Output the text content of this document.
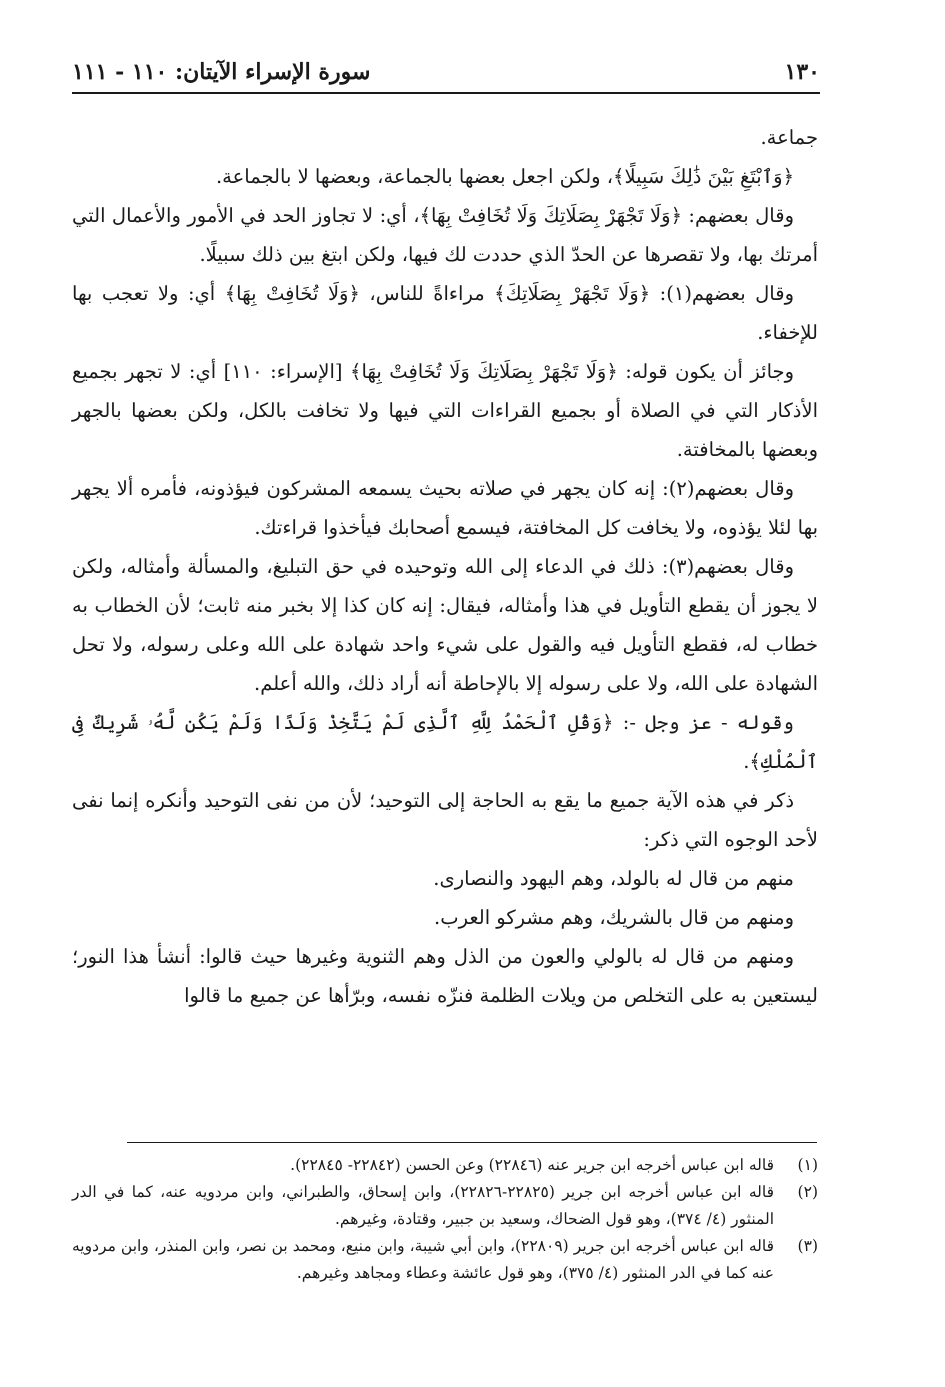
١٣٠
سورة الإسراء الآيتان: ١١٠ - ١١١

جماعة.

﴿وَٱبْتَغِ بَيْنَ ذَٰلِكَ سَبِيلًا﴾، ولكن اجعل بعضها بالجماعة، وبعضها لا بالجماعة.

وقال بعضهم: ﴿وَلَا تَجْهَرْ بِصَلَاتِكَ وَلَا تُخَافِتْ بِهَا﴾، أي: لا تجاوز الحد في الأمور والأعمال التي أمرتك بها، ولا تقصرها عن الحدّ الذي حددت لك فيها، ولكن ابتغ بين ذلك سبيلًا.

وقال بعضهم(١): ﴿وَلَا تَجْهَرْ بِصَلَاتِكَ﴾ مراءاةً للناس، ﴿وَلَا تُخَافِتْ بِهَا﴾ أي: ولا تعجب بها للإخفاء.

وجائز أن يكون قوله: ﴿وَلَا تَجْهَرْ بِصَلَاتِكَ وَلَا تُخَافِتْ بِهَا﴾ [الإسراء: ١١٠] أي: لا تجهر بجميع الأذكار التي في الصلاة أو بجميع القراءات التي فيها ولا تخافت بالكل، ولكن بعضها بالجهر وبعضها بالمخافتة.

وقال بعضهم(٢): إنه كان يجهر في صلاته بحيث يسمعه المشركون فيؤذونه، فأمره ألا يجهر بها لئلا يؤذوه، ولا يخافت كل المخافتة، فيسمع أصحابك فيأخذوا قراءتك.

وقال بعضهم(٣): ذلك في الدعاء إلى الله وتوحيده في حق التبليغ، والمسألة وأمثاله، ولكن لا يجوز أن يقطع التأويل في هذا وأمثاله، فيقال: إنه كان كذا إلا بخبر منه ثابت؛ لأن الخطاب به خطاب له، فقطع التأويل فيه والقول على شيء واحد شهادة على الله وعلى رسوله، ولا تحل الشهادة على الله، ولا على رسوله إلا بالإحاطة أنه أراد ذلك، والله أعلم.

وقوله - عز وجل -: ﴿وَقُلِ ٱلْحَمْدُ لِلَّهِ ٱلَّذِى لَمْ يَتَّخِذْ وَلَدًا وَلَمْ يَكُن لَّهُۥ شَرِيكٌ فِى ٱلْمُلْكِ﴾.

ذكر في هذه الآية جميع ما يقع به الحاجة إلى التوحيد؛ لأن من نفى التوحيد وأنكره إنما نفى لأحد الوجوه التي ذكر:

منهم من قال له بالولد، وهم اليهود والنصارى.

ومنهم من قال بالشريك، وهم مشركو العرب.

ومنهم من قال له بالولي والعون من الذل وهم الثنوية وغيرها حيث قالوا: أنشأ هذا النور؛ ليستعين به على التخلص من ويلات الظلمة فنزّه نفسه، وبرّأها عن جميع ما قالوا

(١)
قاله ابن عباس أخرجه ابن جرير عنه (٢٢٨٤٦) وعن الحسن (٢٢٨٤٢- ٢٢٨٤٥).
(٢)
قاله ابن عباس أخرجه ابن جرير (٢٢٨٢٥-٢٢٨٢٦)، وابن إسحاق، والطبراني، وابن مردويه عنه، كما في الدر المنثور (٤/ ٣٧٤)، وهو قول الضحاك، وسعيد بن جبير، وقتادة، وغيرهم.
(٣)
قاله ابن عباس أخرجه ابن جرير (٢٢٨٠٩)، وابن أبي شيبة، وابن منيع، ومحمد بن نصر، وابن المنذر، وابن مردويه عنه كما في الدر المنثور (٤/ ٣٧٥)، وهو قول عائشة وعطاء ومجاهد وغيرهم.
